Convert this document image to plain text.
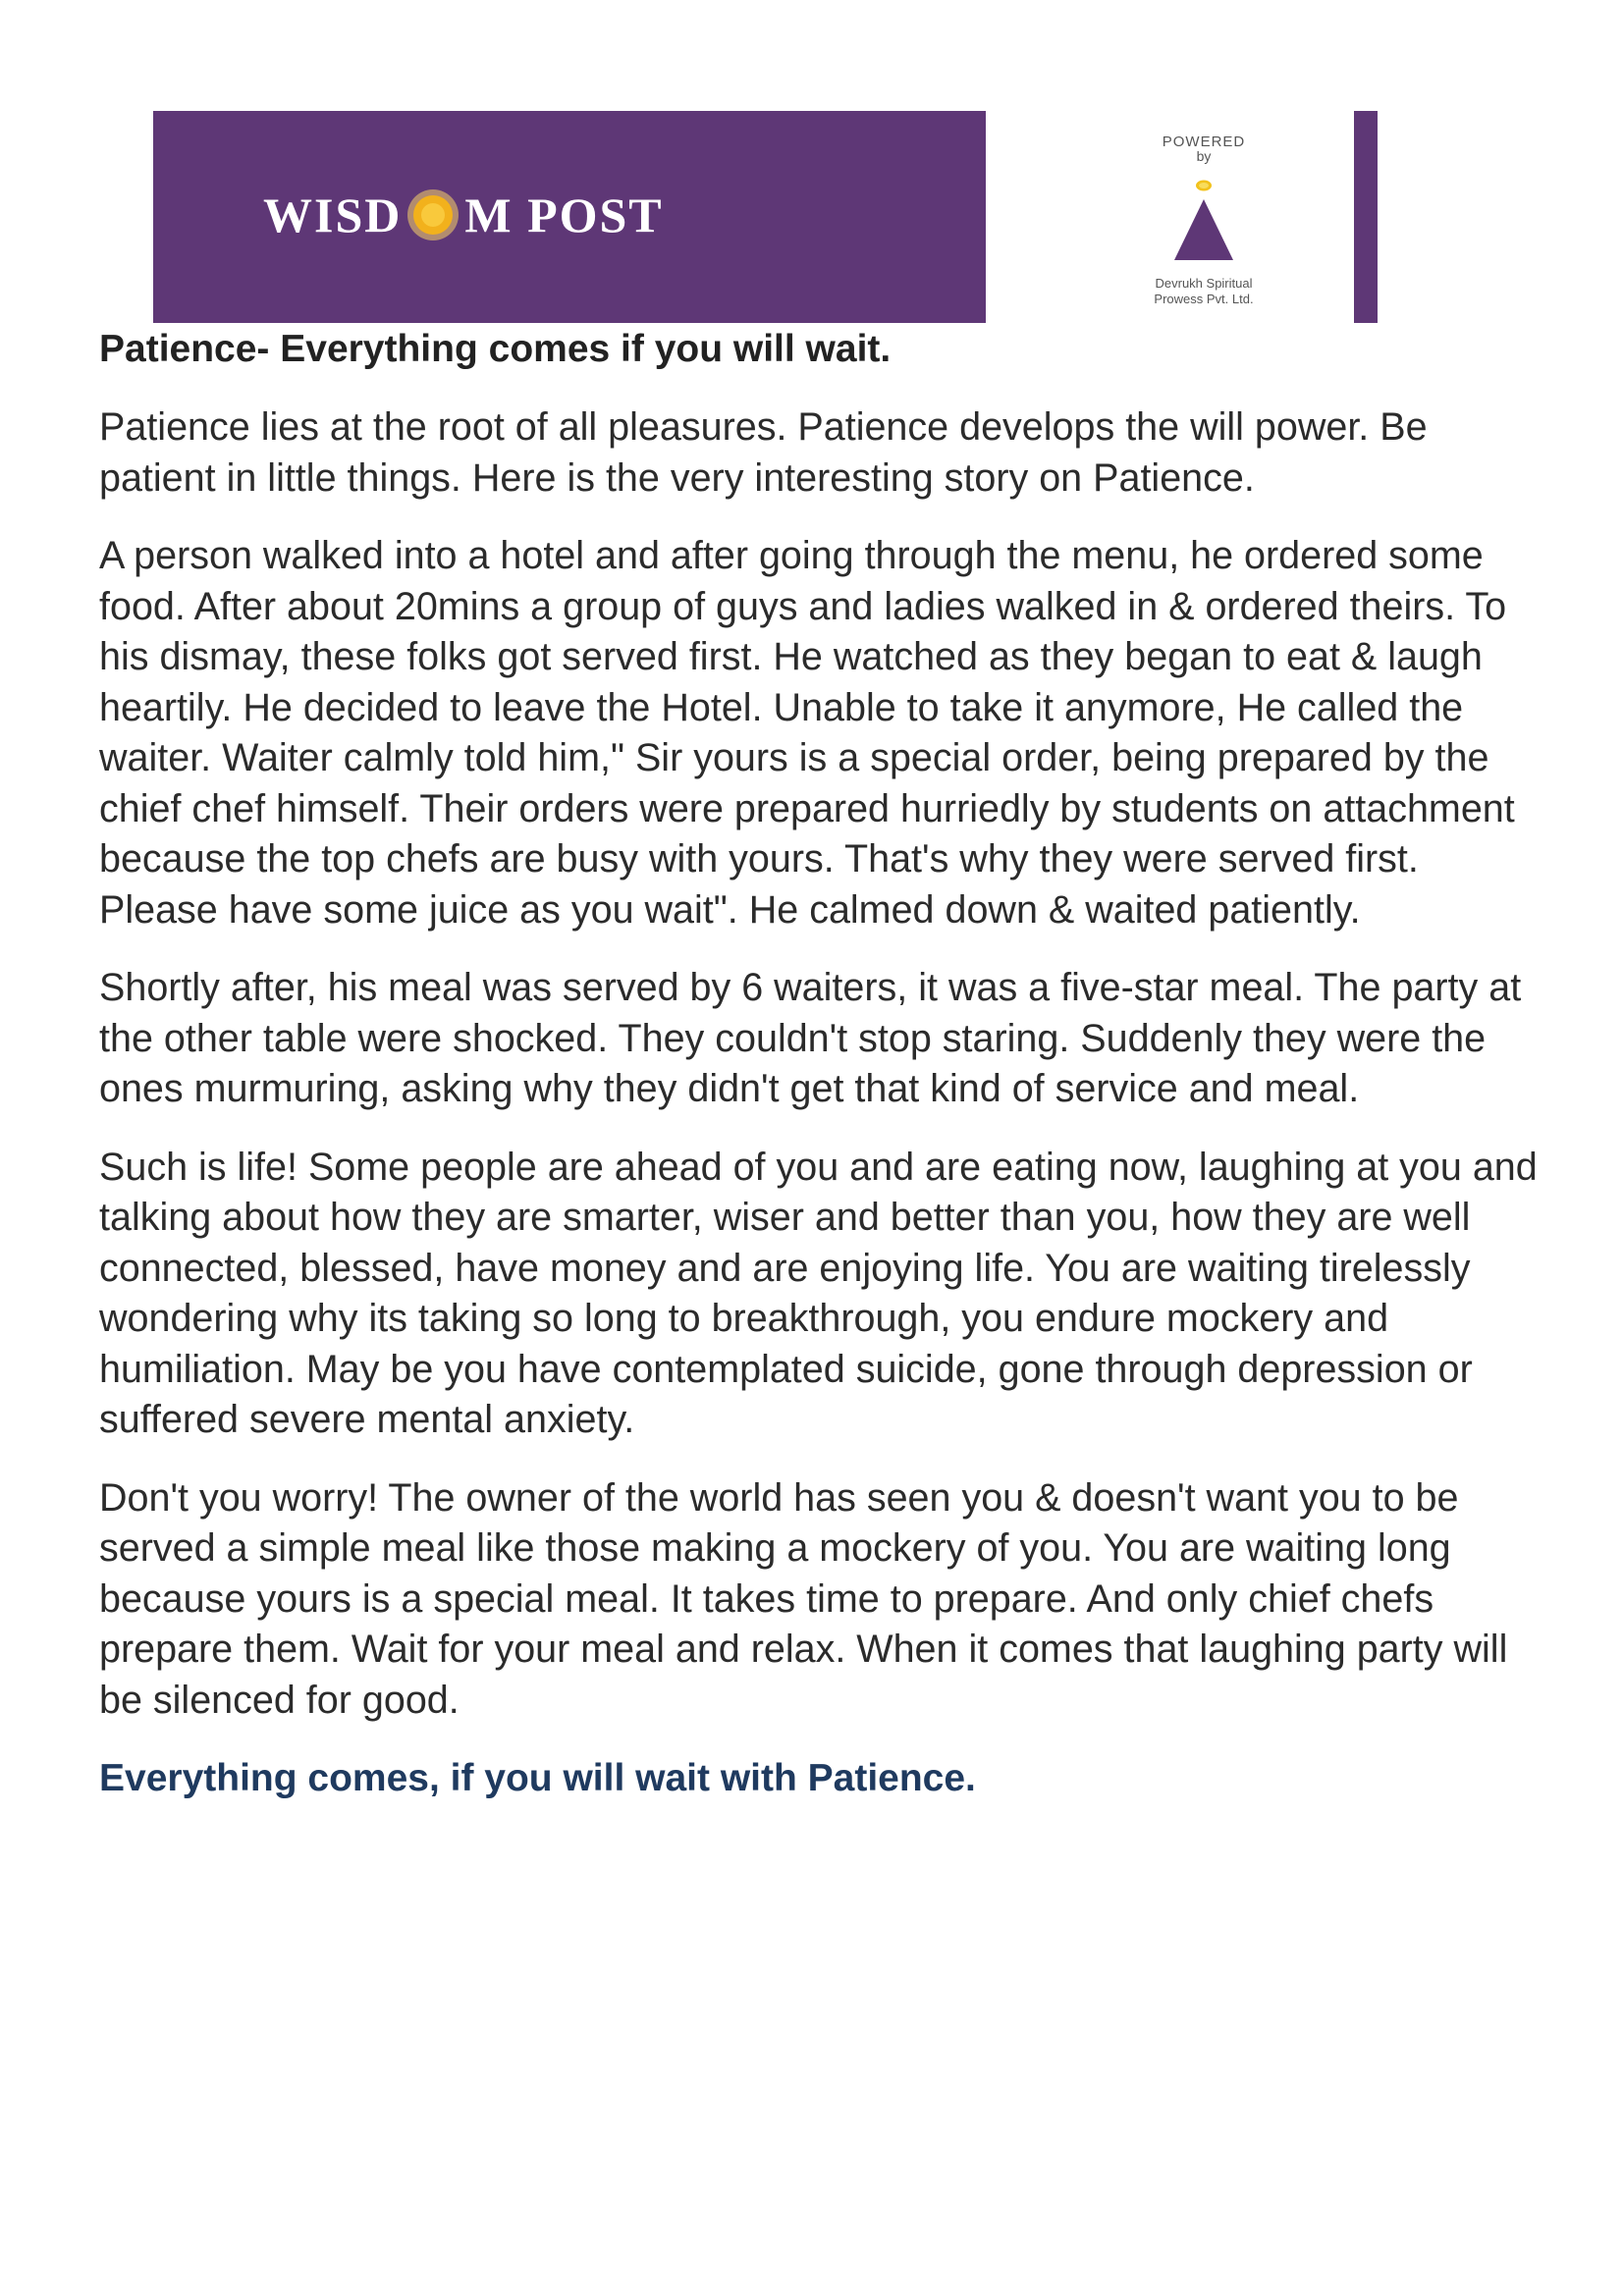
WISD M POST
POWERED
by
Devrukh Spiritual
Prowess Pvt. Ltd.

Patience- Everything comes if you will wait.

Patience lies at the root of all pleasures. Patience develops the will power. Be patient in little things. Here is the very interesting story on Patience.

A person walked into a hotel and after going through the menu, he ordered some food. After about 20mins a group of guys and ladies walked in & ordered theirs. To his dismay, these folks got served first. He watched as they began to eat & laugh heartily. He decided to leave the Hotel. Unable to take it anymore, He called the waiter. Waiter calmly told him," Sir yours is a special order, being prepared by the chief chef himself. Their orders were prepared hurriedly by students on attachment because the top chefs are busy with yours. That's why they were served first. Please have some juice as you wait". He calmed down & waited patiently.

Shortly after, his meal was served by 6 waiters, it was a five-star meal. The party at the other table were shocked. They couldn't stop staring. Suddenly they were the ones murmuring, asking why they didn't get that kind of service and meal.

Such is life! Some people are ahead of you and are eating now, laughing at you and talking about how they are smarter, wiser and better than you, how they are well connected, blessed, have money and are enjoying life. You are waiting tirelessly wondering why its taking so long to breakthrough, you endure mockery and humiliation. May be you have contemplated suicide, gone through depression or suffered severe mental anxiety.

Don't you worry! The owner of the world has seen you & doesn't want you to be served a simple meal like those making a mockery of you. You are waiting long because yours is a special meal. It takes time to prepare. And only chief chefs prepare them. Wait for your meal and relax. When it comes that laughing party will be silenced for good.

Everything comes, if you will wait with Patience.
